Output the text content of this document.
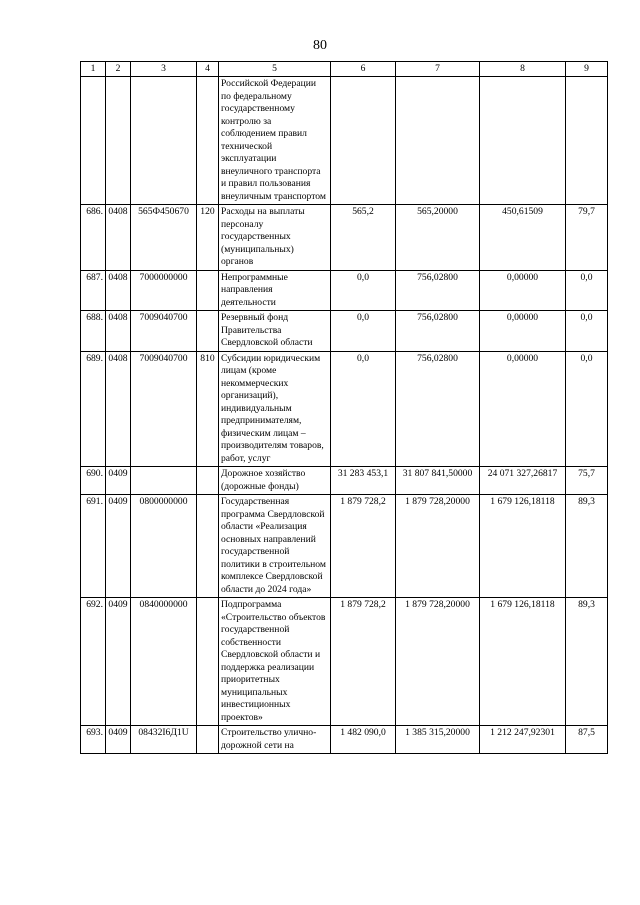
80
1	2	3	4	5	6	7	8	9
				Российской Федерации по федеральному государственному контролю за соблюдением правил технической эксплуатации внеуличного транспорта и правил пользования внеуличным транспортом				
686.	0408	565Ф450670	120	Расходы на выплаты персоналу государственных (муниципальных) органов	565,2	565,20000	450,61509	79,7
687.	0408	7000000000		Непрограммные направления деятельности	0,0	756,02800	0,00000	0,0
688.	0408	7009040700		Резервный фонд Правительства Свердловской области	0,0	756,02800	0,00000	0,0
689.	0408	7009040700	810	Субсидии юридическим лицам (кроме некоммерческих организаций), индивидуальным предпринимателям, физическим лицам – производителям товаров, работ, услуг	0,0	756,02800	0,00000	0,0
690.	0409			Дорожное хозяйство (дорожные фонды)	31 283 453,1	31 807 841,50000	24 071 327,26817	75,7
691.	0409	0800000000		Государственная программа Свердловской области «Реализация основных направлений государственной политики в строительном комплексе Свердловской области до 2024 года»	1 879 728,2	1 879 728,20000	1 679 126,18118	89,3
692.	0409	0840000000		Подпрограмма «Строительство объектов государственной собственности Свердловской области и поддержка реализации приоритетных муниципальных инвестиционных проектов»	1 879 728,2	1 879 728,20000	1 679 126,18118	89,3
693.	0409	08432I6Д1U		Строительство улично-дорожной сети на	1 482 090,0	1 385 315,20000	1 212 247,92301	87,5
